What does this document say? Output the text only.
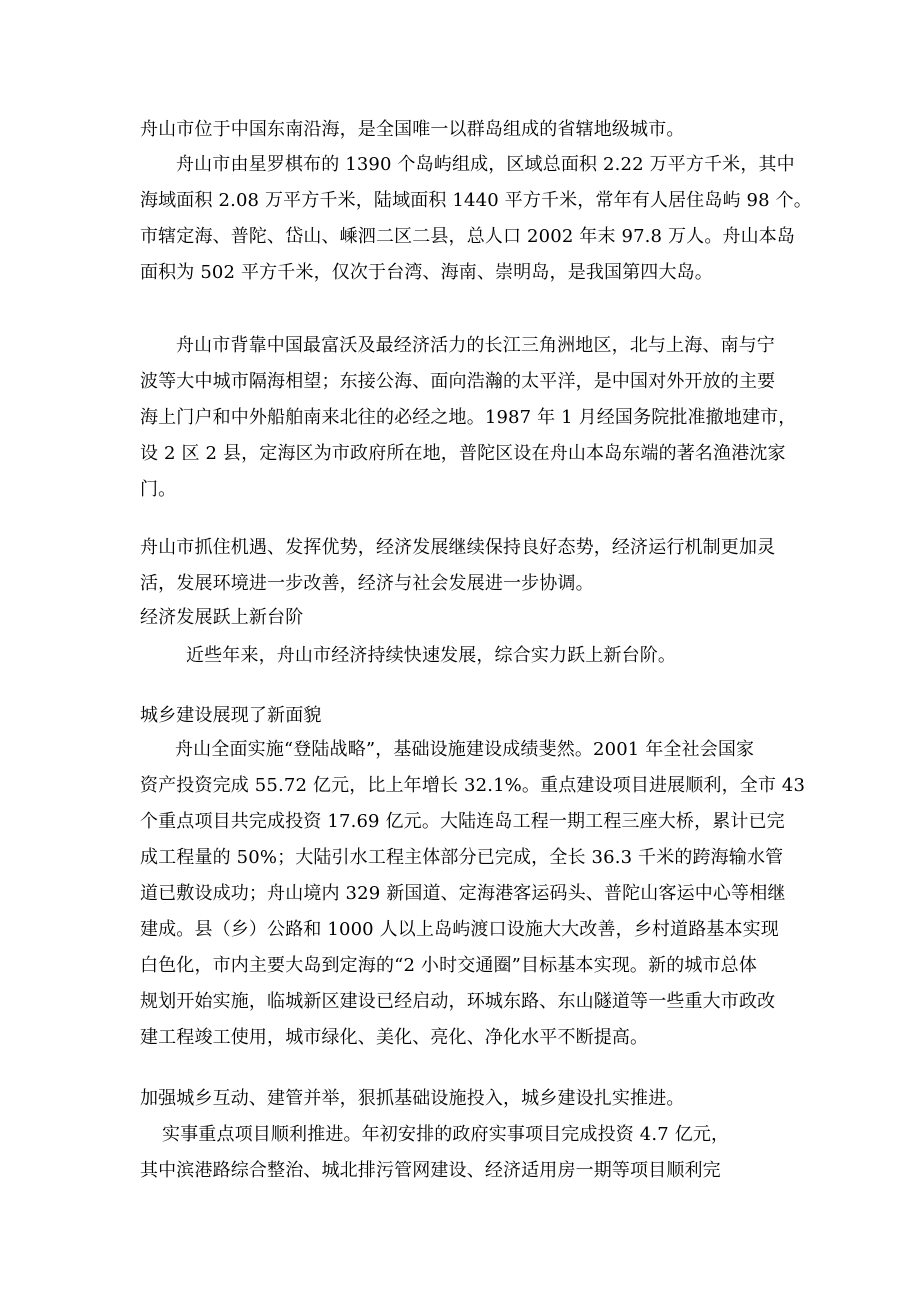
舟山市位于中国东南沿海，是全国唯一以群岛组成的省辖地级城市。
舟山市由星罗棋布的 1390 个岛屿组成，区域总面积 2.22 万平方千米，其中
海域面积 2.08 万平方千米，陆域面积 1440 平方千米，常年有人居住岛屿 98 个。
市辖定海、普陀、岱山、嵊泗二区二县，总人口 2002 年末 97.8 万人。舟山本岛
面积为 502 平方千米，仅次于台湾、海南、崇明岛，是我国第四大岛。
舟山市背靠中国最富沃及最经济活力的长江三角洲地区，北与上海、南与宁
波等大中城市隔海相望；东接公海、面向浩瀚的太平洋，是中国对外开放的主要
海上门户和中外船舶南来北往的必经之地。1987 年 1 月经国务院批准撤地建市，
设 2 区 2 县，定海区为市政府所在地，普陀区设在舟山本岛东端的著名渔港沈家
门。
舟山市抓住机遇、发挥优势，经济发展继续保持良好态势，经济运行机制更加灵
活，发展环境进一步改善，经济与社会发展进一步协调。
经济发展跃上新台阶
近些年来，舟山市经济持续快速发展，综合实力跃上新台阶。
城乡建设展现了新面貌
舟山全面实施“登陆战略”，基础设施建设成绩斐然。2001 年全社会国家
资产投资完成 55.72 亿元，比上年增长 32.1%。重点建设项目进展顺利，全市 43
个重点项目共完成投资 17.69 亿元。大陆连岛工程一期工程三座大桥，累计已完
成工程量的 50%；大陆引水工程主体部分已完成，全长 36.3 千米的跨海输水管
道已敷设成功；舟山境内 329 新国道、定海港客运码头、普陀山客运中心等相继
建成。县（乡）公路和 1000 人以上岛屿渡口设施大大改善，乡村道路基本实现
白色化，市内主要大岛到定海的“2 小时交通圈”目标基本实现。新的城市总体
规划开始实施，临城新区建设已经启动，环城东路、东山隧道等一些重大市政改
建工程竣工使用，城市绿化、美化、亮化、净化水平不断提高。
加强城乡互动、建管并举，狠抓基础设施投入，城乡建设扎实推进。
实事重点项目顺利推进。年初安排的政府实事项目完成投资 4.7 亿元，
其中滨港路综合整治、城北排污管网建设、经济适用房一期等项目顺利完
